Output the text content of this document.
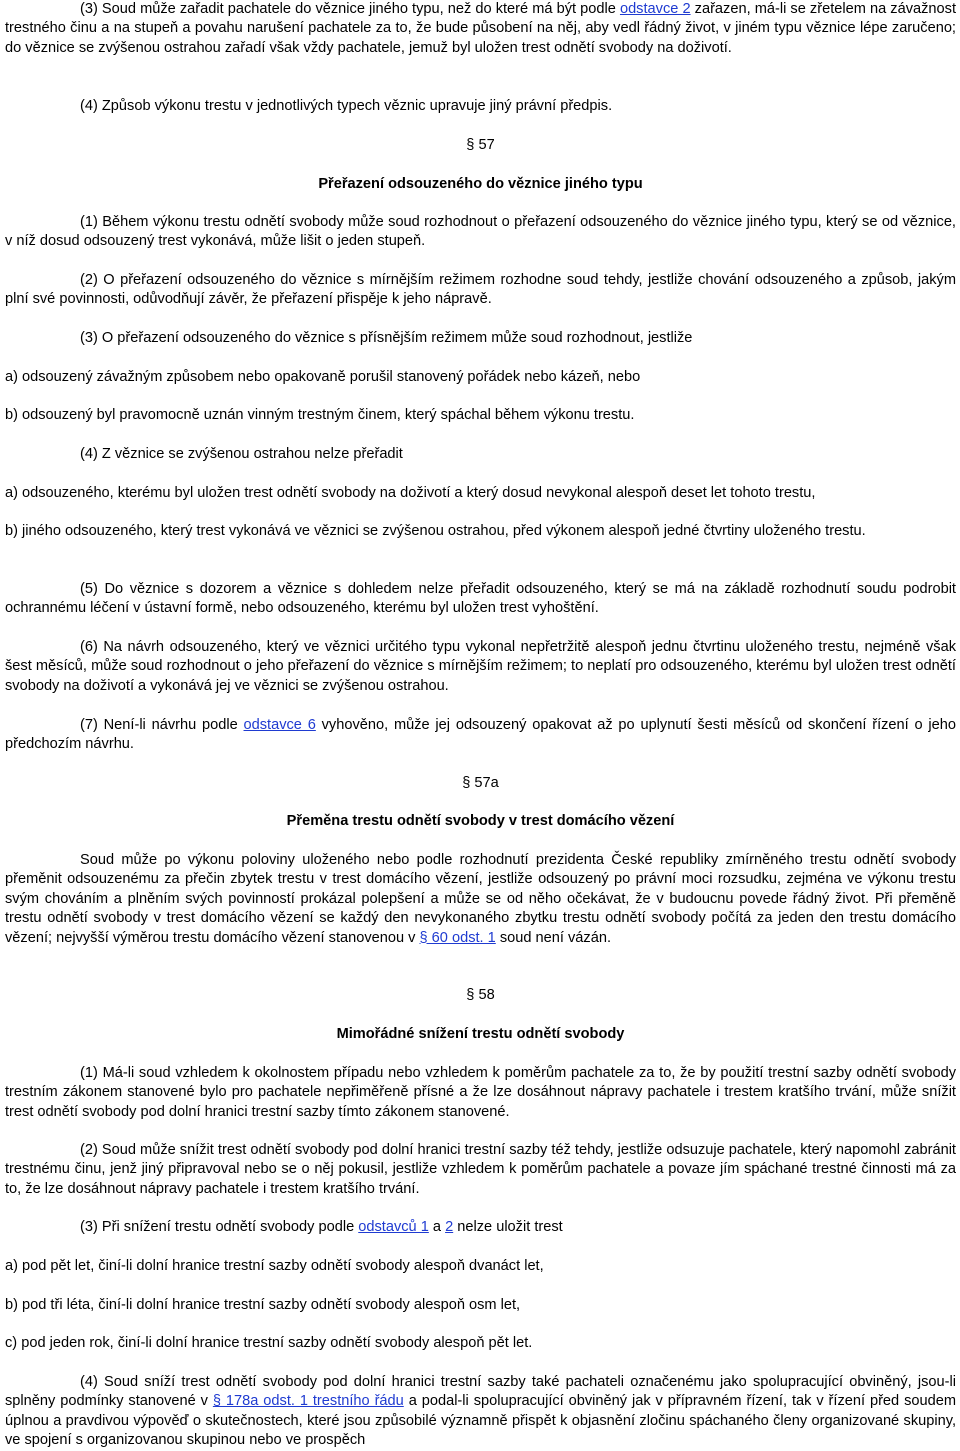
(3) Soud může zařadit pachatele do věznice jiného typu, než do které má být podle odstavce 2 zařazen, má-li se zřetelem na závažnost trestného činu a na stupeň a povahu narušení pachatele za to, že bude působení na něj, aby vedl řádný život, v jiném typu věznice lépe zaručeno; do věznice se zvýšenou ostrahou zařadí však vždy pachatele, jemuž byl uložen trest odnětí svobody na doživotí.
(4) Způsob výkonu trestu v jednotlivých typech věznic upravuje jiný právní předpis.
§ 57
Přeřazení odsouzeného do věznice jiného typu
(1) Během výkonu trestu odnětí svobody může soud rozhodnout o přeřazení odsouzeného do věznice jiného typu, který se od věznice, v níž dosud odsouzený trest vykonává, může lišit o jeden stupeň.
(2) O přeřazení odsouzeného do věznice s mírnějším režimem rozhodne soud tehdy, jestliže chování odsouzeného a způsob, jakým plní své povinnosti, odůvodňují závěr, že přeřazení přispěje k jeho nápravě.
(3) O přeřazení odsouzeného do věznice s přísnějším režimem může soud rozhodnout, jestliže
a) odsouzený závažným způsobem nebo opakovaně porušil stanovený pořádek nebo kázeň, nebo
b) odsouzený byl pravomocně uznán vinným trestným činem, který spáchal během výkonu trestu.
(4) Z věznice se zvýšenou ostrahou nelze přeřadit
a) odsouzeného, kterému byl uložen trest odnětí svobody na doživotí a který dosud nevykonal alespoň deset let tohoto trestu,
b) jiného odsouzeného, který trest vykonává ve věznici se zvýšenou ostrahou, před výkonem alespoň jedné čtvrtiny uloženého trestu.
(5) Do věznice s dozorem a věznice s dohledem nelze přeřadit odsouzeného, který se má na základě rozhodnutí soudu podrobit ochrannému léčení v ústavní formě, nebo odsouzeného, kterému byl uložen trest vyhoštění.
(6) Na návrh odsouzeného, který ve věznici určitého typu vykonal nepřetržitě alespoň jednu čtvrtinu uloženého trestu, nejméně však šest měsíců, může soud rozhodnout o jeho přeřazení do věznice s mírnějším režimem; to neplatí pro odsouzeného, kterému byl uložen trest odnětí svobody na doživotí a vykonává jej ve věznici se zvýšenou ostrahou.
(7) Není-li návrhu podle odstavce 6 vyhověno, může jej odsouzený opakovat až po uplynutí šesti měsíců od skončení řízení o jeho předchozím návrhu.
§ 57a
Přeměna trestu odnětí svobody v trest domácího vězení
Soud může po výkonu poloviny uloženého nebo podle rozhodnutí prezidenta České republiky zmírněného trestu odnětí svobody přeměnit odsouzenému za přečin zbytek trestu v trest domácího vězení, jestliže odsouzený po právní moci rozsudku, zejména ve výkonu trestu svým chováním a plněním svých povinností prokázal polepšení a může se od něho očekávat, že v budoucnu povede řádný život. Při přeměně trestu odnětí svobody v trest domácího vězení se každý den nevykonaného zbytku trestu odnětí svobody počítá za jeden den trestu domácího vězení; nejvyšší výměrou trestu domácího vězení stanovenou v § 60 odst. 1 soud není vázán.
§ 58
Mimořádné snížení trestu odnětí svobody
(1) Má-li soud vzhledem k okolnostem případu nebo vzhledem k poměrům pachatele za to, že by použití trestní sazby odnětí svobody trestním zákonem stanovené bylo pro pachatele nepřiměřeně přísné a že lze dosáhnout nápravy pachatele i trestem kratšího trvání, může snížit trest odnětí svobody pod dolní hranici trestní sazby tímto zákonem stanovené.
(2) Soud může snížit trest odnětí svobody pod dolní hranici trestní sazby též tehdy, jestliže odsuzuje pachatele, který napomohl zabránit trestnému činu, jenž jiný připravoval nebo se o něj pokusil, jestliže vzhledem k poměrům pachatele a povaze jím spáchané trestné činnosti má za to, že lze dosáhnout nápravy pachatele i trestem kratšího trvání.
(3) Při snížení trestu odnětí svobody podle odstavců 1 a 2 nelze uložit trest
a) pod pět let, činí-li dolní hranice trestní sazby odnětí svobody alespoň dvanáct let,
b) pod tři léta, činí-li dolní hranice trestní sazby odnětí svobody alespoň osm let,
c) pod jeden rok, činí-li dolní hranice trestní sazby odnětí svobody alespoň pět let.
(4) Soud sníží trest odnětí svobody pod dolní hranici trestní sazby také pachateli označenému jako spolupracující obviněný, jsou-li splněny podmínky stanovené v § 178a odst. 1 trestního řádu a podal-li spolupracující obviněný jak v přípravném řízení, tak v řízení před soudem úplnou a pravdivou výpověď o skutečnostech, které jsou způsobilé významně přispět k objasnění zločinu spáchaného členy organizované skupiny, ve spojení s organizovanou skupinou nebo ve prospěch
